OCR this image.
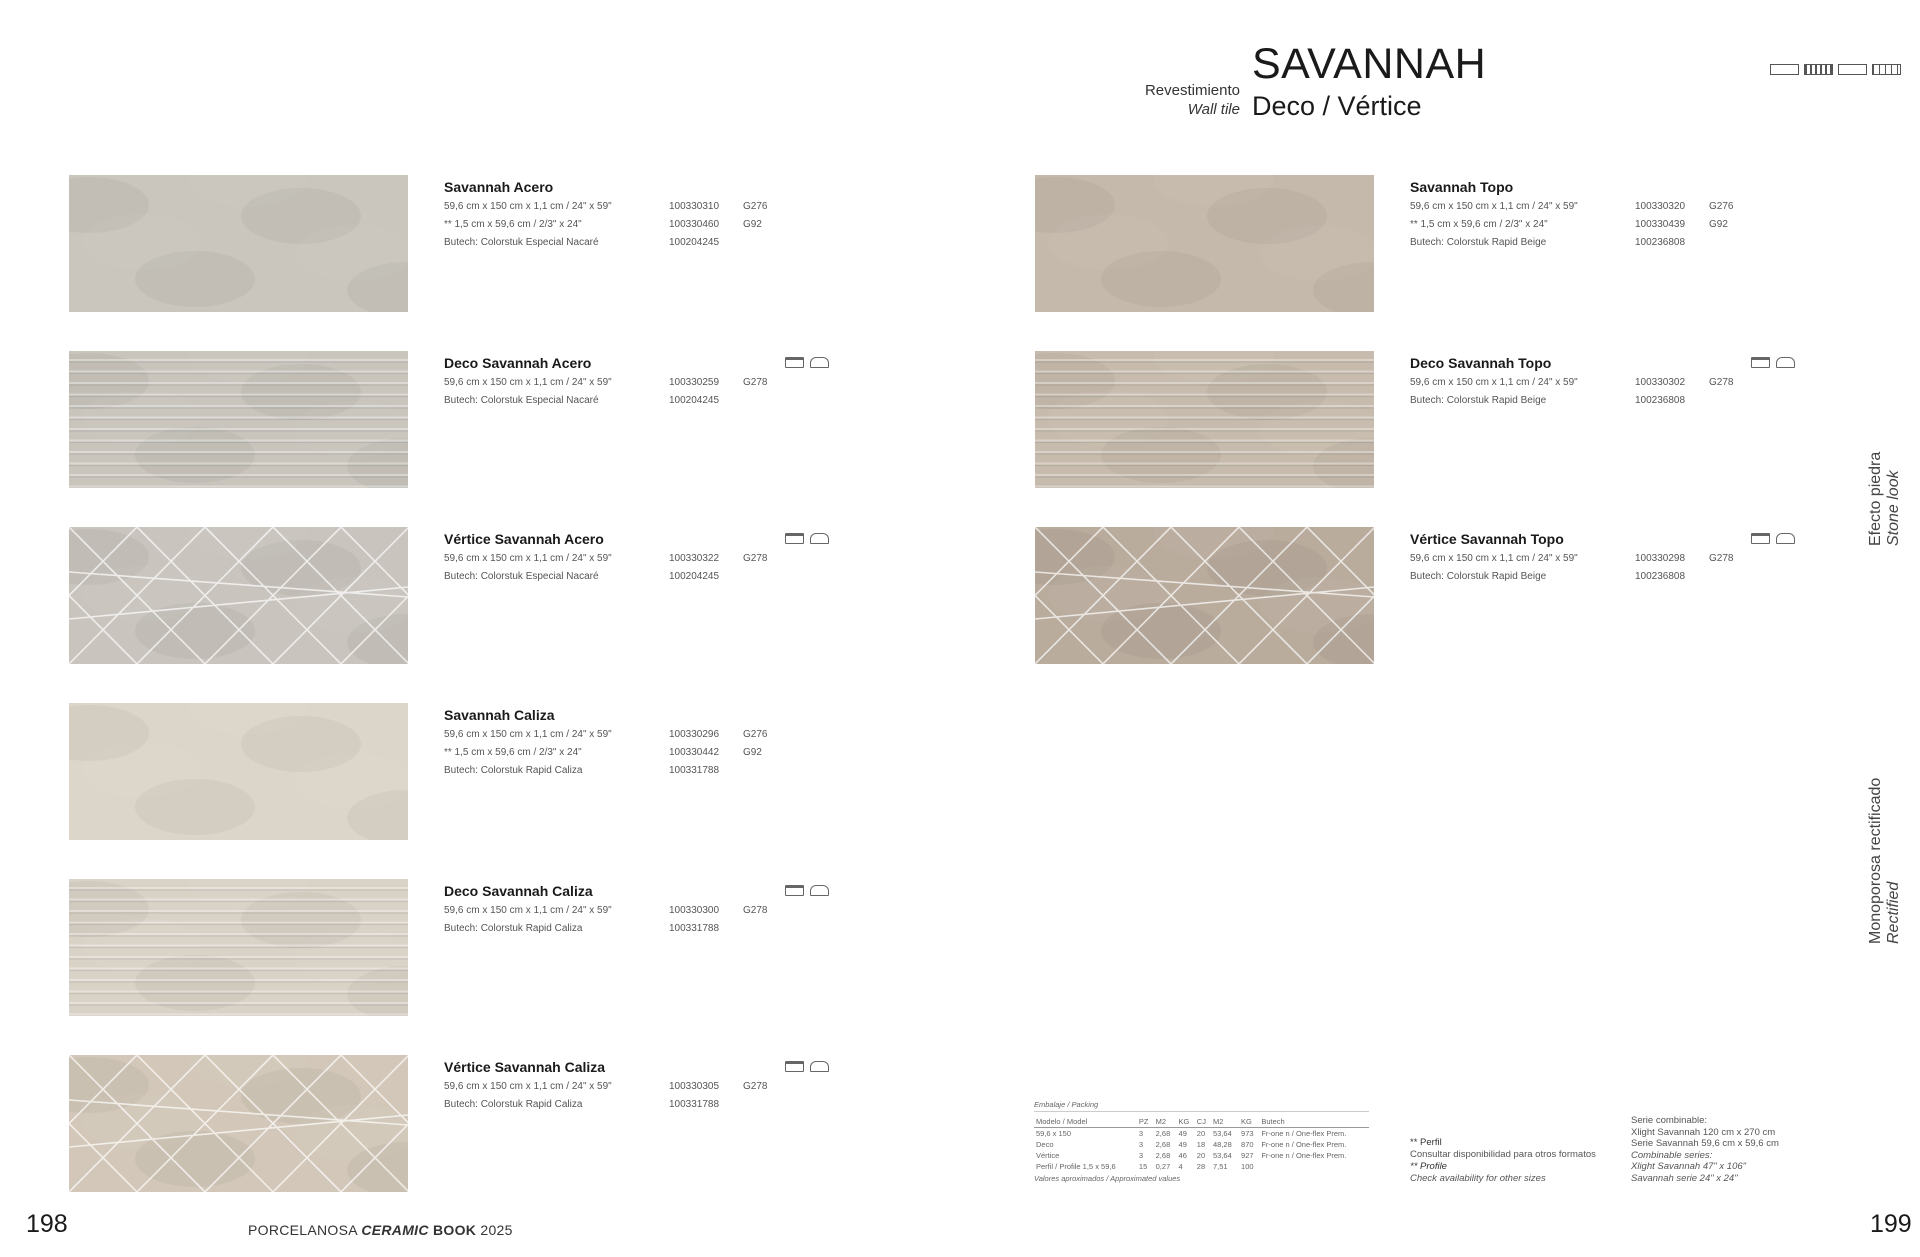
SAVANNAH
Revestimiento
Wall tile Deco / Vértice
Savannah Acero
59,6 cm x 150 cm x 1,1 cm / 24" x 59"	100330310 G276
** 1,5 cm x 59,6 cm / 2/3" x 24"	100330460 G92
Butech: Colorstuk Especial Nacaré	100204245
Deco Savannah Acero
59,6 cm x 150 cm x 1,1 cm / 24" x 59"	100330259 G278
Butech: Colorstuk Especial Nacaré	100204245
Vértice Savannah Acero
59,6 cm x 150 cm x 1,1 cm / 24" x 59"	100330322 G278
Butech: Colorstuk Especial Nacaré	100204245
Savannah Caliza
59,6 cm x 150 cm x 1,1 cm / 24" x 59"	100330296 G276
** 1,5 cm x 59,6 cm / 2/3" x 24"	100330442 G92
Butech: Colorstuk Rapid Caliza	100331788
Deco Savannah Caliza
59,6 cm x 150 cm x 1,1 cm / 24" x 59"	100330300 G278
Butech: Colorstuk Rapid Caliza	100331788
Vértice Savannah Caliza
59,6 cm x 150 cm x 1,1 cm / 24" x 59"	100330305 G278
Butech: Colorstuk Rapid Caliza	100331788
Savannah Topo
59,6 cm x 150 cm x 1,1 cm / 24" x 59"	100330320 G276
** 1,5 cm x 59,6 cm / 2/3" x 24"	100330439 G92
Butech: Colorstuk Rapid Beige	100236808
Deco Savannah Topo
59,6 cm x 150 cm x 1,1 cm / 24" x 59"	100330302 G278
Butech: Colorstuk Rapid Beige	100236808
Vértice Savannah Topo
59,6 cm x 150 cm x 1,1 cm / 24" x 59"	100330298 G278
Butech: Colorstuk Rapid Beige	100236808
Efecto piedra Stone look
Monoporosa rectificado Rectified
Embalaje / Packing
Modelo / Model	PZ	M2	KG	CJ	M2	KG	Butech
59,6 x 150	3	2,68	49	20	53,64	973	Fr-one n / One-flex Prem.
Deco	3	2,68	49	18	48,28	870	Fr-one n / One-flex Prem.
Vértice	3	2,68	46	20	53,64	927	Fr-one n / One-flex Prem.
Perfil / Profile 1,5 x 59,6	15	0,27	4	28	7,51	100	
Valores aproximados / Approximated values
** Perfil
Consultar disponibilidad para otros formatos
** Profile
Check availability for other sizes
Serie combinable:
Xlight Savannah 120 cm x 270 cm
Serie Savannah 59,6 cm x 59,6 cm
Combinable series:
Xlight Savannah 47" x 106"
Savannah serie 24" x 24"
198	199
PORCELANOSA CERAMIC BOOK 2025
